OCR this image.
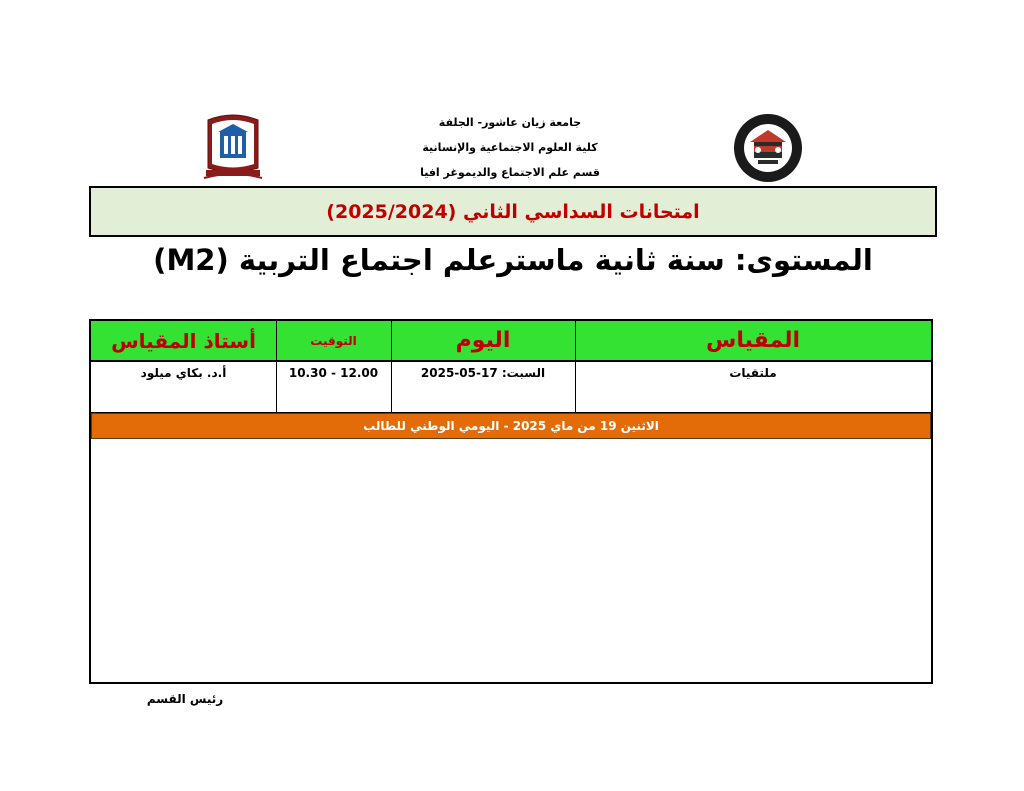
جامعة زيان عاشور- الجلفة
كلية العلوم الاجتماعية والإنسانية
قسم علم الاجتماع والديموغر افيا
امتحانات السداسي الثاني (2025/2024)
المستوى: سنة ثانية ماسترعلم اجتماع التربية (M2)
المقياس
اليوم
التوقيت
أستاذ المقياس
ملتقيات
السبت: 17-05-2025
12.00 - 10.30
أ.د. بكاي ميلود
الاثنين 19 من ماي 2025 - اليومي الوطني للطالب
رئيس القسم
